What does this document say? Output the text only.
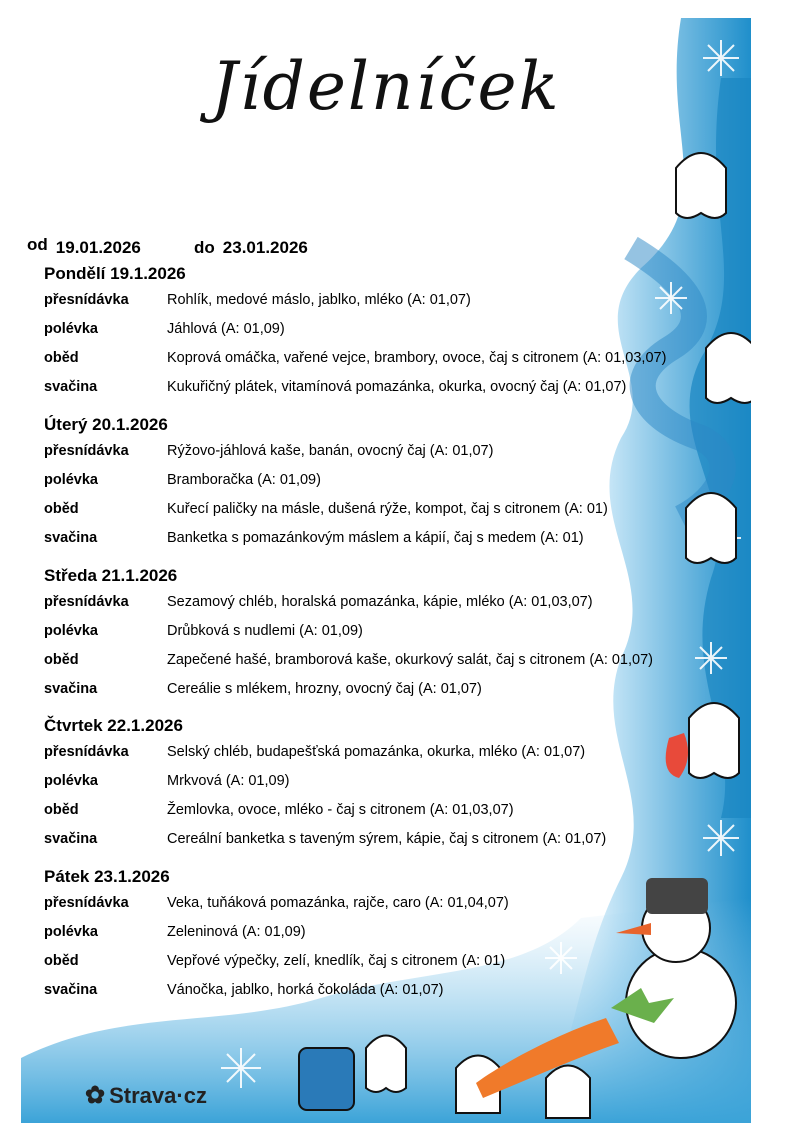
Jídelníček
od 19.01.2026	do 23.01.2026
Pondělí 19.1.2026
přesnídávka	Rohlík, medové máslo, jablko, mléko (A: 01,07)
polévka	Jáhlová (A: 01,09)
oběd	Koprová omáčka, vařené vejce, brambory, ovoce, čaj s citronem (A: 01,03,07)
svačina	Kukuřičný plátek, vitamínová pomazánka, okurka, ovocný čaj (A: 01,07)
Úterý 20.1.2026
přesnídávka	Rýžovo-jáhlová kaše, banán, ovocný čaj (A: 01,07)
polévka	Bramboračka (A: 01,09)
oběd	Kuřecí paličky na másle, dušená rýže, kompot, čaj s citronem (A: 01)
svačina	Banketka s pomazánkovým máslem a kápií, čaj s medem (A: 01)
Středa 21.1.2026
přesnídávka	Sezamový chléb, horalská pomazánka, kápie, mléko (A: 01,03,07)
polévka	Drůbková s nudlemi (A: 01,09)
oběd	Zapečené hašé, bramborová kaše, okurkový salát, čaj s citronem (A: 01,07)
svačina	Cereálie s mlékem, hrozny, ovocný čaj (A: 01,07)
Čtvrtek 22.1.2026
přesnídávka	Selský chléb, budapešťská pomazánka, okurka, mléko (A: 01,07)
polévka	Mrkvová (A: 01,09)
oběd	Žemlovka, ovoce, mléko - čaj s citronem (A: 01,03,07)
svačina	Cereální banketka s taveným sýrem, kápie, čaj s citronem (A: 01,07)
Pátek 23.1.2026
přesnídávka	Veka, tuňáková pomazánka, rajče, caro (A: 01,04,07)
polévka	Zeleninová (A: 01,09)
oběd	Vepřové výpečky, zelí, knedlík, čaj s citronem (A: 01)
svačina	Vánočka, jablko, horká čokoláda (A: 01,07)
✿ Strava·cz
